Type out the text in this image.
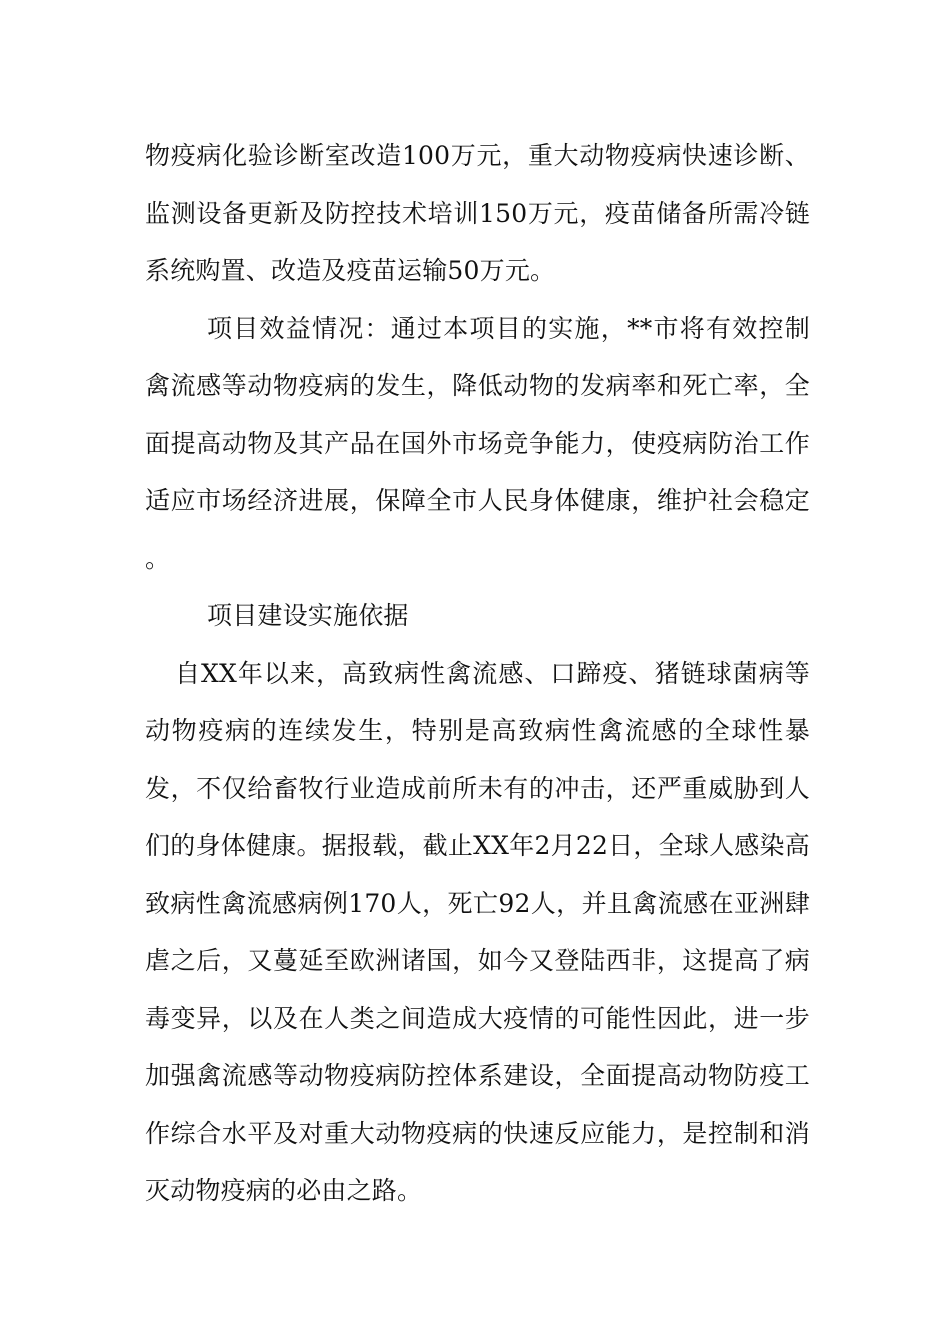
物疫病化验诊断室改造100万元，重大动物疫病快速诊断、监测设备更新及防控技术培训150万元，疫苗储备所需冷链系统购置、改造及疫苗运输50万元。

项目效益情况：通过本项目的实施，**市将有效控制禽流感等动物疫病的发生，降低动物的发病率和死亡率，全面提高动物及其产品在国外市场竞争能力，使疫病防治工作适应市场经济进展，保障全市人民身体健康，维护社会稳定 。

项目建设实施依据

自XX年以来，高致病性禽流感、口蹄疫、猪链球菌病等动物疫病的连续发生，特别是高致病性禽流感的全球性暴发，不仅给畜牧行业造成前所未有的冲击，还严重威胁到人们的身体健康。据报载，截止XX年2月22日，全球人感染高致病性禽流感病例170人，死亡92人，并且禽流感在亚洲肆虐之后，又蔓延至欧洲诸国，如今又登陆西非，这提高了病毒变异，以及在人类之间造成大疫情的可能性因此，进一步加强禽流感等动物疫病防控体系建设，全面提高动物防疫工作综合水平及对重大动物疫病的快速反应能力，是控制和消灭动物疫病的必由之路。
